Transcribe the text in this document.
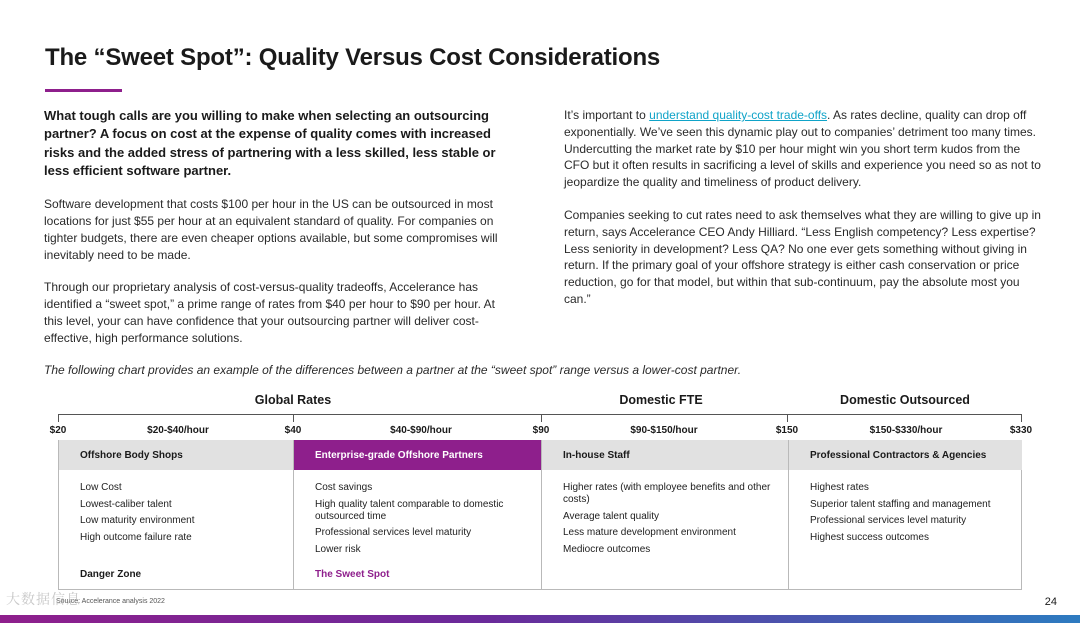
The “Sweet Spot”: Quality Versus Cost Considerations

What tough calls are you willing to make when selecting an outsourcing partner? A focus on cost at the expense of quality comes with increased risks and the added stress of partnering with a less skilled, less stable or less efficient software partner.

Software development that costs $100 per hour in the US can be outsourced in most locations for just $55 per hour at an equivalent standard of quality. For companies on tighter budgets, there are even cheaper options available, but some compromises will inevitably need to be made.

Through our proprietary analysis of cost-versus-quality tradeoffs, Accelerance has identified a “sweet spot,” a prime range of rates from $40 per hour to $90 per hour. At this level, your can have confidence that your outsourcing partner will deliver cost-effective, high performance solutions.

It’s important to understand quality-cost trade-offs. As rates decline, quality can drop off exponentially. We’ve seen this dynamic play out to companies’ detriment too many times. Undercutting the market rate by $10 per hour might win you short term kudos from the CFO but it often results in sacrificing a level of skills and experience you need so as not to jeopardize the quality and timeliness of product delivery.

Companies seeking to cut rates need to ask themselves what they are willing to give up in return, says Accelerance CEO Andy Hilliard. “Less English competency? Less expertise? Less seniority in development? Less QA? No one ever gets something without giving in return. If the primary goal of your offshore strategy is either cash conservation or price reduction, go for that model, but within that sub-continuum, pay the absolute most you can.”

The following chart provides an example of the differences between a partner at the “sweet spot” range versus a lower-cost partner.
Global Rates	Domestic FTE	Domestic Outsourced
$20	$20-$40/hour	$40	$40-$90/hour	$90	$90-$150/hour	$150	$150-$330/hour	$330
Offshore Body Shops
Low Cost
Lowest-caliber talent
Low maturity environment
High outcome failure rate
Danger Zone
Enterprise-grade Offshore Partners
Cost savings
High quality talent comparable to domestic outsourced time
Professional services level maturity
Lower risk
The Sweet Spot
In-house Staff
Higher rates (with employee benefits and other costs)
Average talent quality
Less mature development environment
Mediocre outcomes
Professional Contractors & Agencies
Highest rates
Superior talent staffing and management
Professional services level maturity
Highest success outcomes
Source: Accelerance analysis 2022
大数据信息	24
